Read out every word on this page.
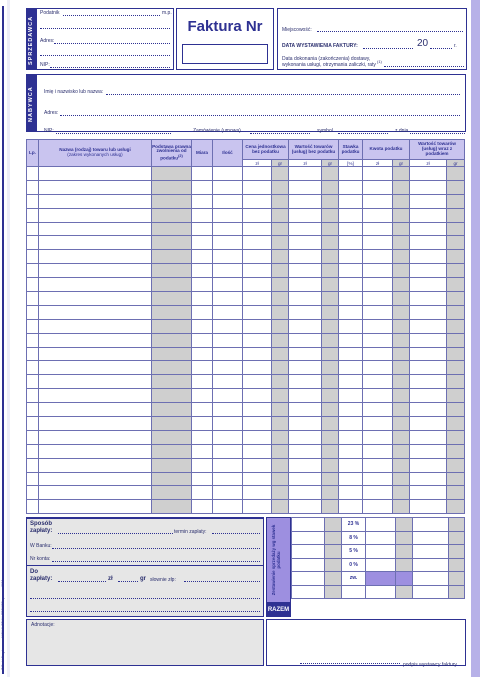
© Druki Akcydensowe MICHALCZYK i PROKOP sp. z o.o. 2012
SPRZEDAWCA
Podatnik	m.p.
Adres:
NIP:
Faktura Nr	Miejscowość:
DATA WYSTAWIENIA FAKTURY:	20	r.
Data dokonania (zakończenia) dostawy,
wykonania usługi, otrzymania zaliczki, raty
(1)
NABYWCA Imię i nazwisko lub nazwa:
Adres:
NIP:	Zamówienie (umowa)	symbol	z dnia
Lp.	Nazwa (rodzaj) towaru lub usługi
(zakres wykonanych usług)	Podstawa prawna zwolnienia od podatku$^{(2)}$	Miara	Ilość	Cena jednostkowa bez podatku		Wartość towarów (usług) bez podatku		Stawka podatku	Kwota podatku		Wartość towarów (usług) wraz z podatkiem	
					zł	gr	zł	gr	[%]	zł	gr	zł	gr

Sposób zapłaty:	termin zapłaty:
W Banku:
Nr konta:
Do zapłaty:	zł	gr słownie złp:	Zestawienie sprzedaży wg stawek podatku
RAZEM
		23 %				
		8 %				
		5 %				
		0 %				
		zw.				

Adnotacje:
podpis wystawcy faktury
